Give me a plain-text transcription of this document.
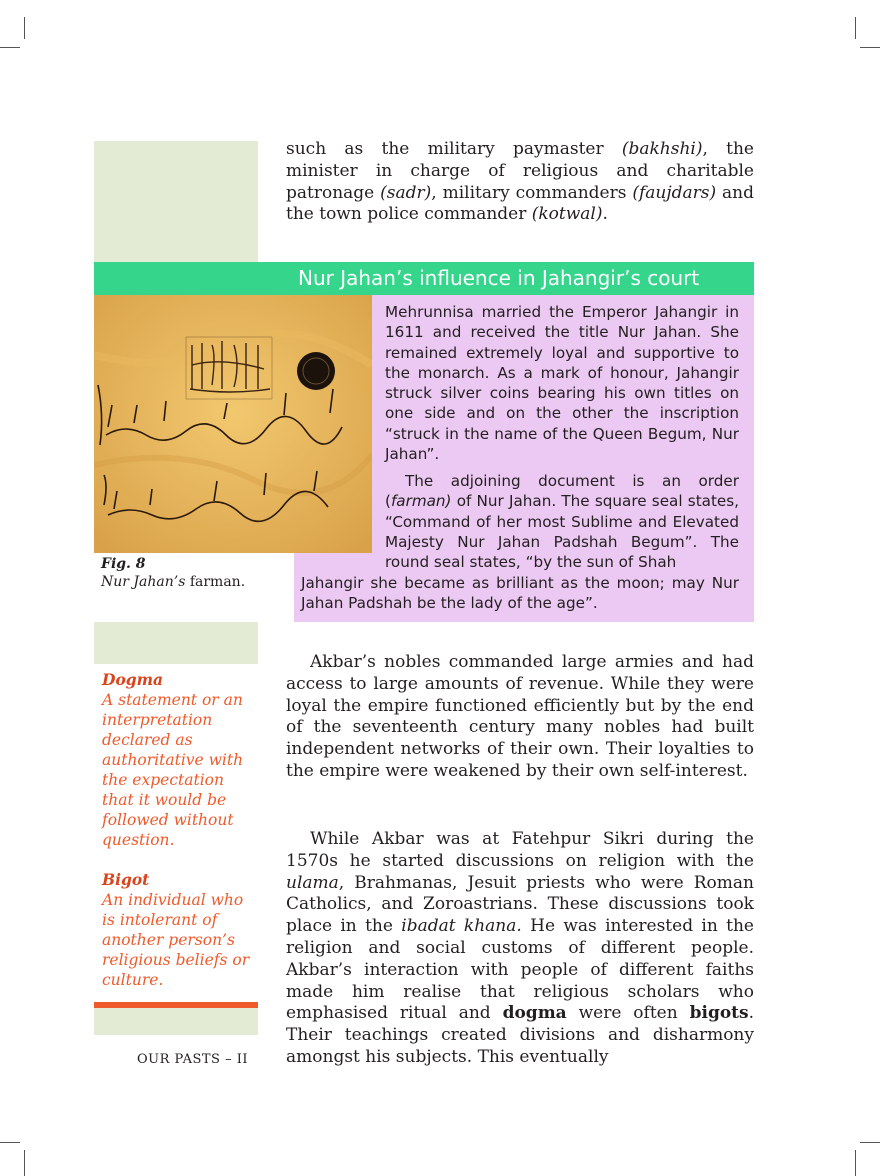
such as the military paymaster (bakhshi), the minister in charge of religious and charitable patronage (sadr), military commanders (faujdars) and the town police commander (kotwal).

Nur Jahan’s influence in Jahangir’s court

Fig. 8

Nur Jahan’s farman.

Mehrunnisa married the Emperor Jahangir in 1611 and received the title Nur Jahan. She remained extremely loyal and supportive to the monarch. As a mark of honour, Jahangir struck silver coins bearing his own titles on one side and on the other the inscription “struck in the name of the Queen Begum, Nur Jahan”.

The adjoining document is an order (farman) of Nur Jahan. The square seal states, “Command of her most Sublime and Elevated Majesty Nur Jahan Padshah Begum”. The round seal states, “by the sun of Shah

Jahangir she became as brilliant as the moon; may Nur Jahan Padshah be the lady of the age”.

Dogma
A statement or an interpretation declared as authoritative with the expectation that it would be followed without question.

Bigot
An individual who is intolerant of another person’s religious beliefs or culture.

Akbar’s nobles commanded large armies and had access to large amounts of revenue. While they were loyal the empire functioned efficiently but by the end of the seventeenth century many nobles had built independent networks of their own. Their loyalties to the empire were weakened by their own self-interest.

While Akbar was at Fatehpur Sikri during the 1570s he started discussions on religion with the ulama, Brahmanas, Jesuit priests who were Roman Catholics, and Zoroastrians. These discussions took place in the ibadat khana. He was interested in the religion and social customs of different people. Akbar’s interaction with people of different faiths made him realise that religious scholars who emphasised ritual and dogma were often bigots. Their teachings created divisions and disharmony amongst his subjects. This eventually

OUR PASTS – II
